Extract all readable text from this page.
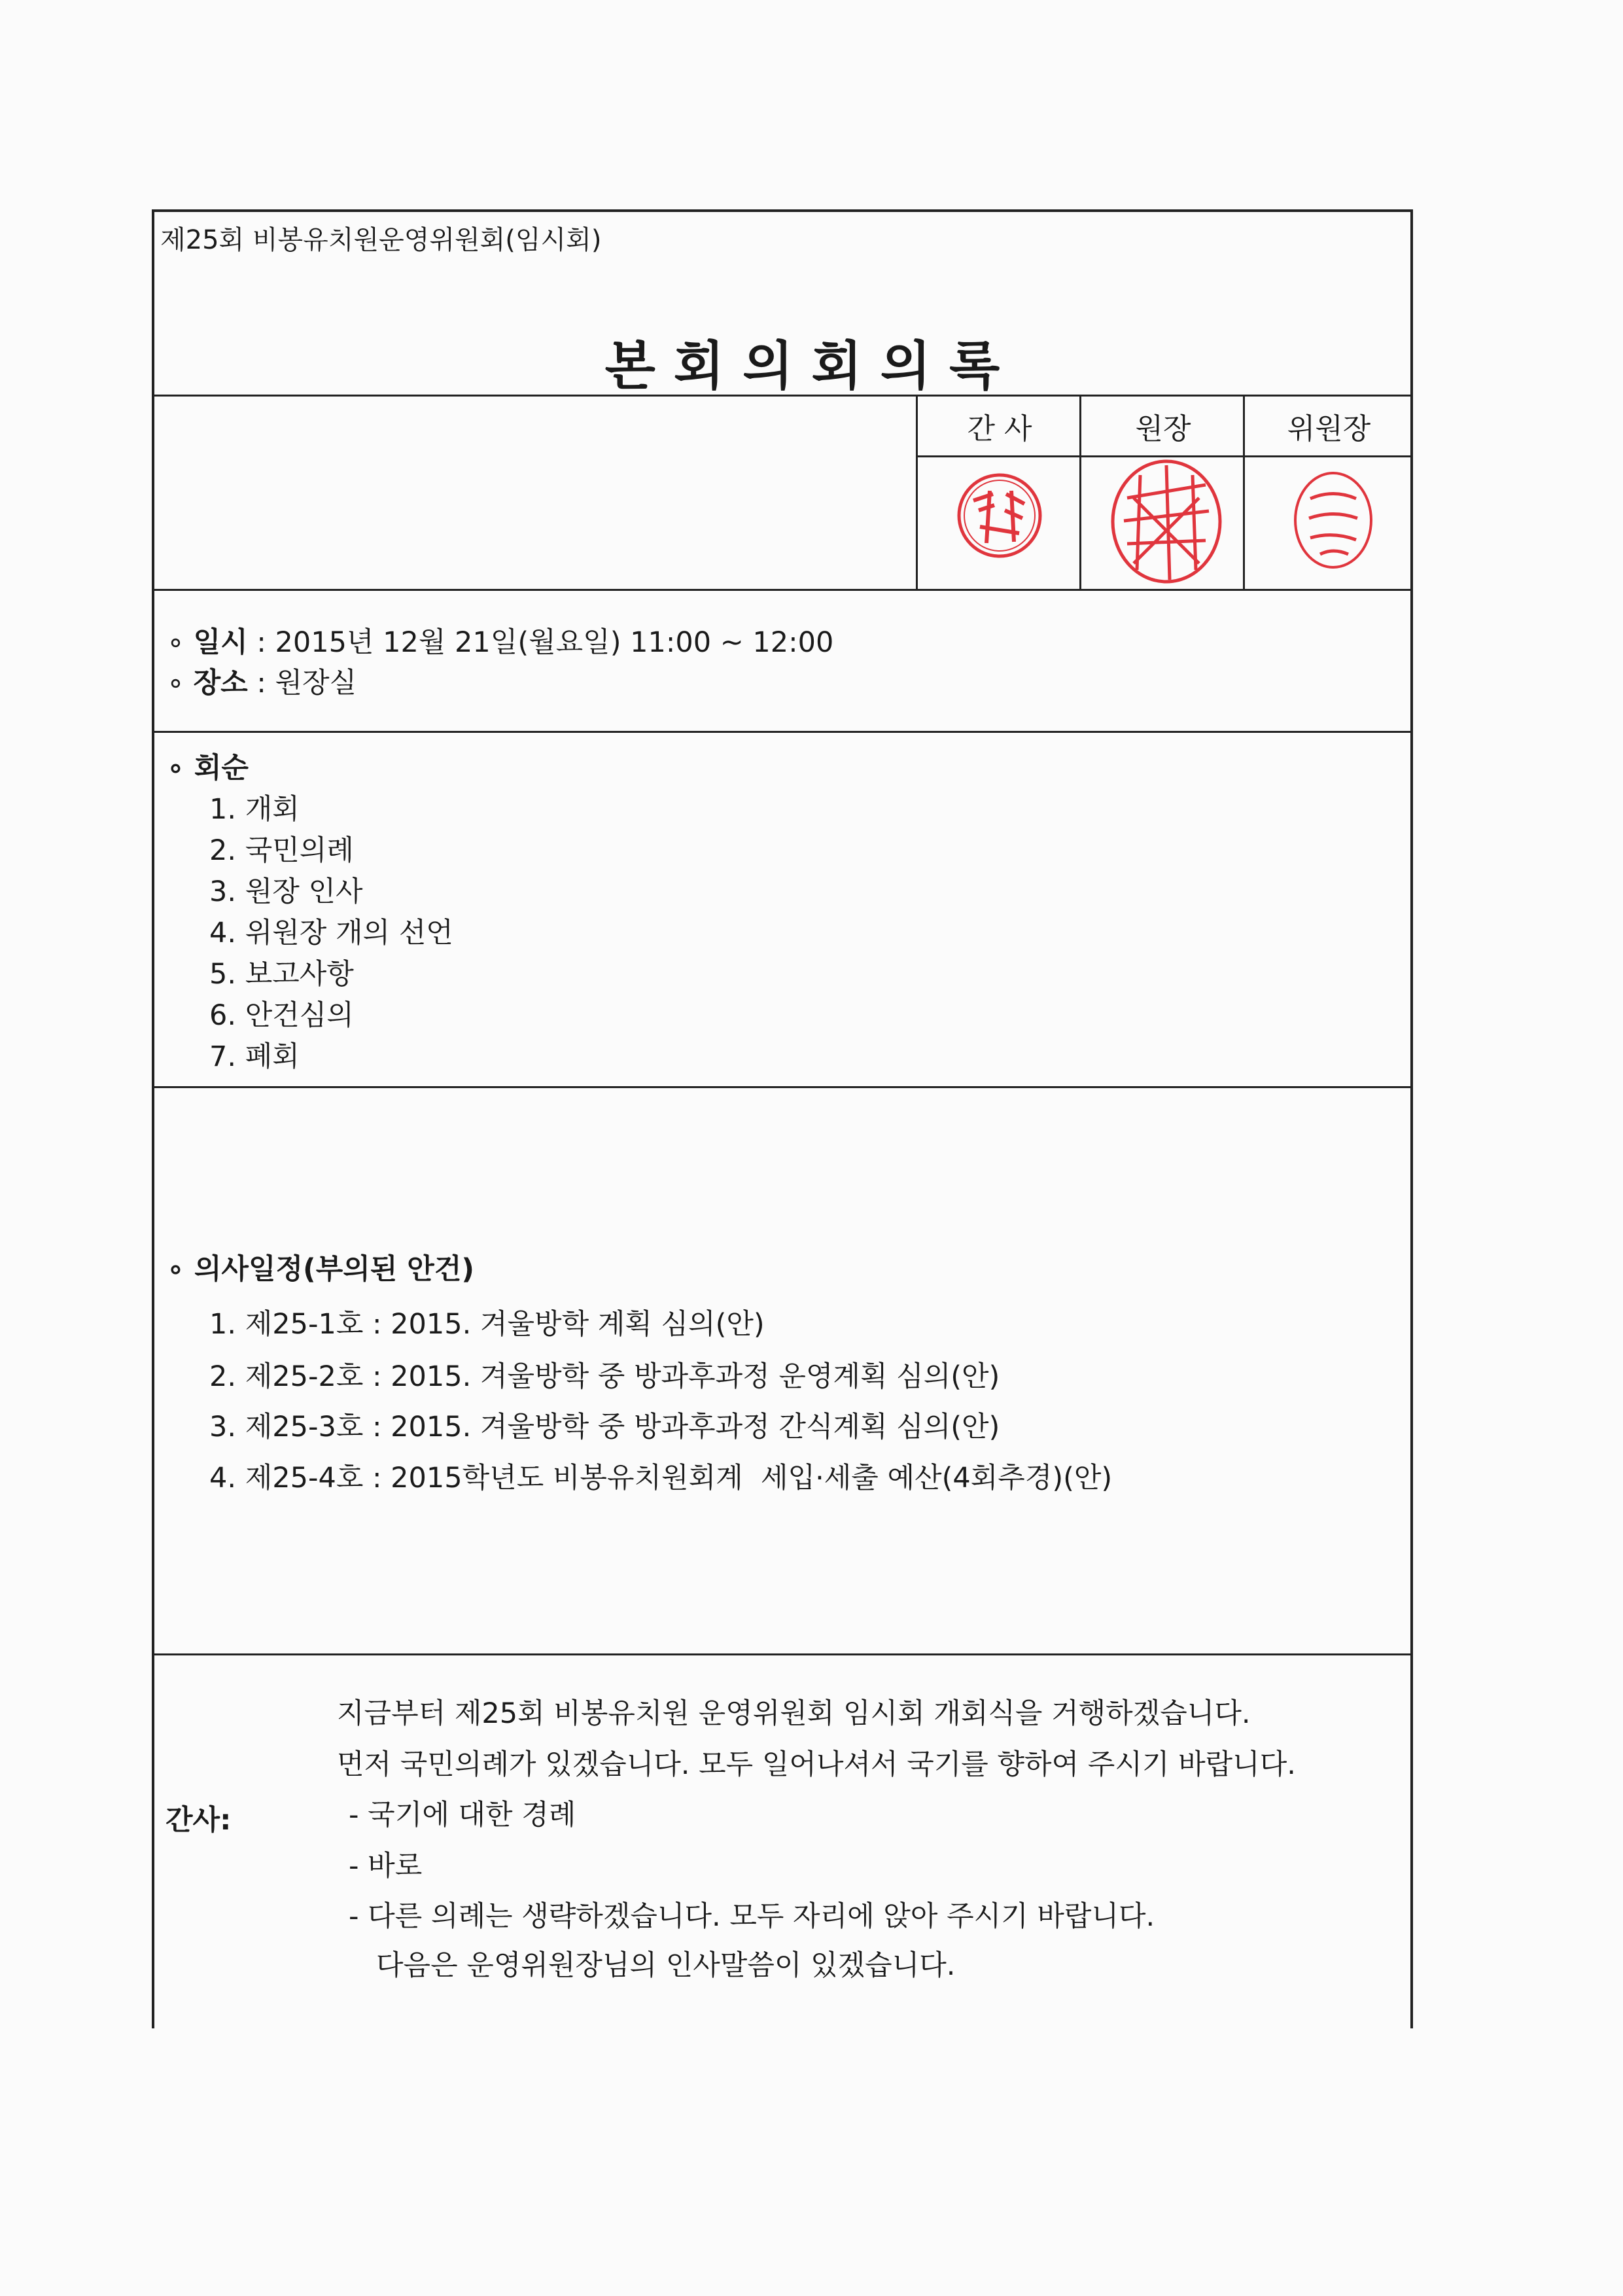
제25회 비봉유치원운영위원회(임시회)
본회의회의록
간 사	원장	위원장
∘ 일시 : 2015년 12월 21일(월요일) 11:00 ~ 12:00
∘ 장소 : 원장실
∘ 회순
1. 개회
2. 국민의례
3. 원장 인사
4. 위원장 개의 선언
5. 보고사항
6. 안건심의
7. 폐회
∘ 의사일정(부의된 안건)
1. 제25-1호 : 2015. 겨울방학 계획 심의(안)
2. 제25-2호 : 2015. 겨울방학 중 방과후과정 운영계획 심의(안)
3. 제25-3호 : 2015. 겨울방학 중 방과후과정 간식계획 심의(안)
4. 제25-4호 : 2015학년도 비봉유치원회계  세입·세출 예산(4회추경)(안)
간사:
지금부터 제25회 비봉유치원 운영위원회 임시회 개회식을 거행하겠습니다.
먼저 국민의례가 있겠습니다. 모두 일어나셔서 국기를 향하여 주시기 바랍니다.
- 국기에 대한 경례
- 바로
- 다른 의례는 생략하겠습니다. 모두 자리에 앉아 주시기 바랍니다.
다음은 운영위원장님의 인사말씀이 있겠습니다.
